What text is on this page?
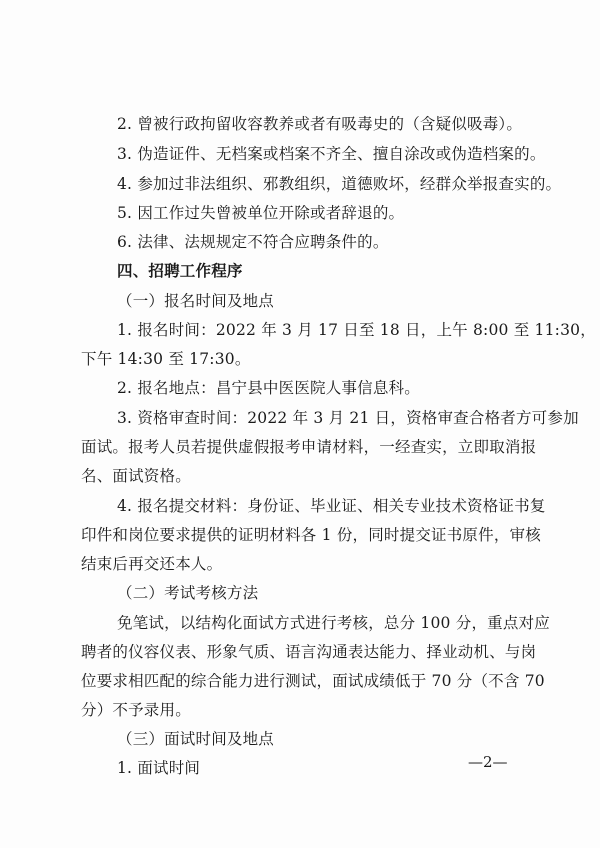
2. 曾被行政拘留收容教养或者有吸毒史的（含疑似吸毒）。
3. 伪造证件、无档案或档案不齐全、擅自涂改或伪造档案的。
4. 参加过非法组织、邪教组织，道德败坏，经群众举报查实的。
5. 因工作过失曾被单位开除或者辞退的。
6. 法律、法规规定不符合应聘条件的。
四、招聘工作程序
（一）报名时间及地点
1. 报名时间：2022 年 3 月 17 日至 18 日，上午 8:00 至 11:30，
下午 14:30 至 17:30。
2. 报名地点：昌宁县中医医院人事信息科。
3. 资格审查时间：2022 年 3 月 21 日，资格审查合格者方可参加
面试。报考人员若提供虚假报考申请材料，一经查实，立即取消报
名、面试资格。
4. 报名提交材料：身份证、毕业证、相关专业技术资格证书复
印件和岗位要求提供的证明材料各 1 份，同时提交证书原件，审核
结束后再交还本人。
（二）考试考核方法
免笔试，以结构化面试方式进行考核，总分 100 分，重点对应
聘者的仪容仪表、形象气质、语言沟通表达能力、择业动机、与岗
位要求相匹配的综合能力进行测试，面试成绩低于 70 分（不含 70
分）不予录用。
（三）面试时间及地点
1. 面试时间	—2—
